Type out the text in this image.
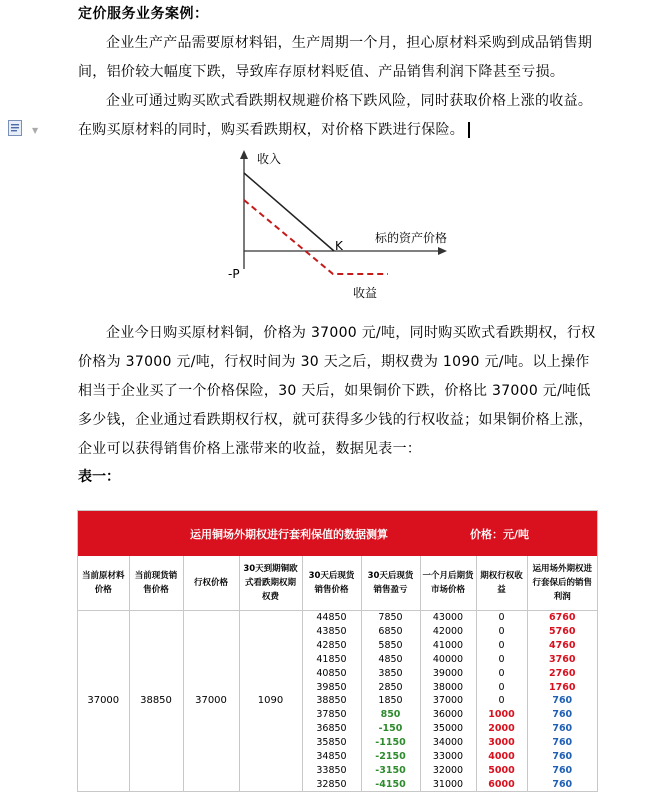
定价服务业务案例：
企业生产产品需要原材料铝，生产周期一个月，担心原材料采购到成品销售期间，铝价较大幅度下跌，导致库存原材料贬值、产品销售利润下降甚至亏损。
▼
企业可通过购买欧式看跌期权规避价格下跌风险，同时获取价格上涨的收益。在购买原材料的同时，购买看跌期权，对价格下跌进行保险。
收入
标的资产价格
K
-P
收益
企业今日购买原材料铜，价格为 37000 元/吨，同时购买欧式看跌期权，行权价格为 37000 元/吨，行权时间为 30 天之后，期权费为 1090 元/吨。以上操作相当于企业买了一个价格保险，30 天后，如果铜价下跌，价格比 37000 元/吨低多少钱，企业通过看跌期权行权，就可获得多少钱的行权收益；如果铜价格上涨，企业可以获得销售价格上涨带来的收益，数据见表一：
表一：
运用铜场外期权进行套利保值的数据测算	价格：元/吨
当前原材料价格	当前现货销售价格	行权价格	30天到期铜欧式看跌期权期权费	30天后现货销售价格	30天后现货销售盈亏	一个月后期货市场价格	期权行权收益	运用场外期权进行套保后的销售利润
37000	38850	37000	1090	44850	7850	43000	0	6760
				43850	6850	42000	0	5760
				42850	5850	41000	0	4760
				41850	4850	40000	0	3760
				40850	3850	39000	0	2760
				39850	2850	38000	0	1760
				38850	1850	37000	0	760
				37850	850	36000	1000	760
				36850	-150	35000	2000	760
				35850	-1150	34000	3000	760
				34850	-2150	33000	4000	760
				33850	-3150	32000	5000	760
				32850	-4150	31000	6000	760
